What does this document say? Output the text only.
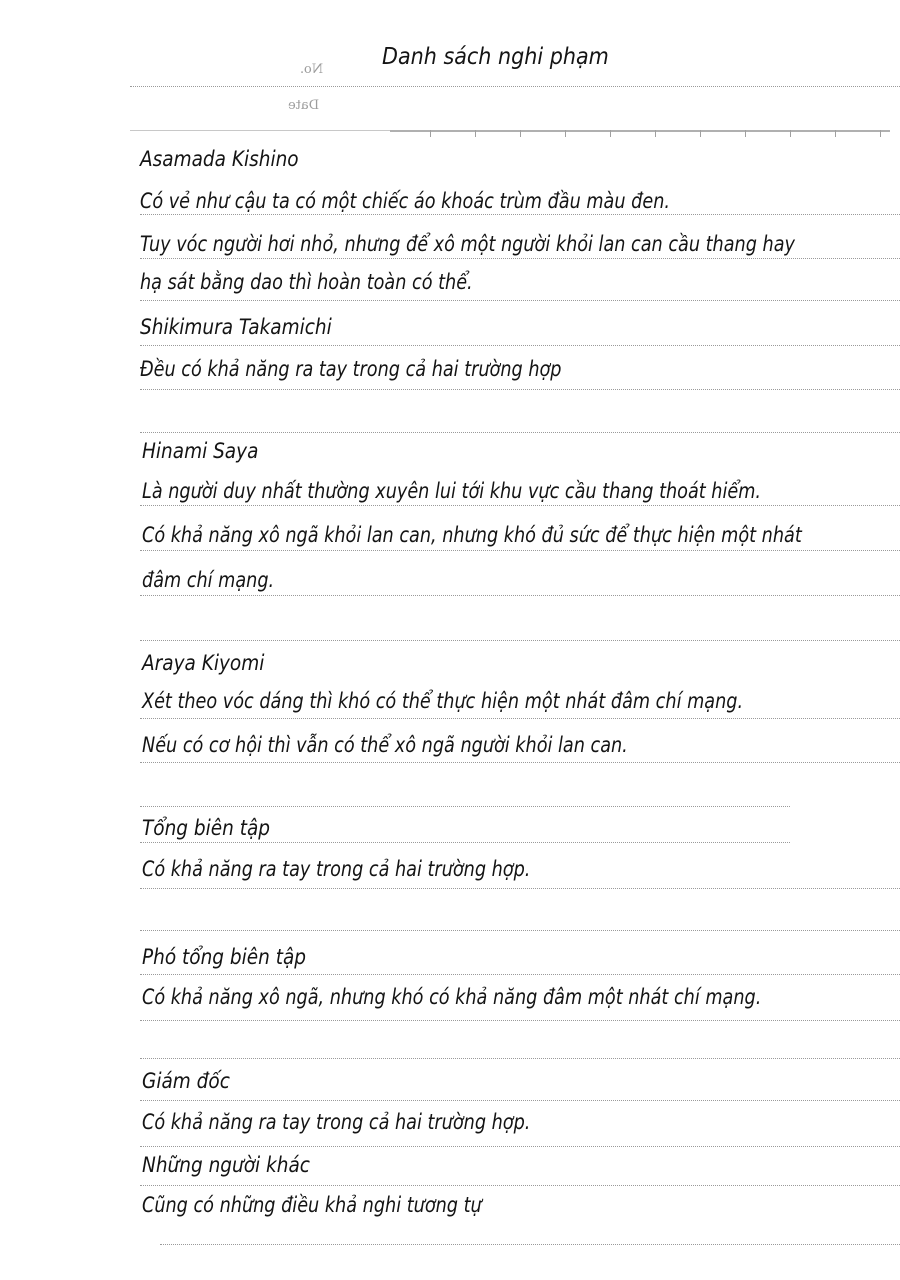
No.
Date
Danh sách nghi phạm
Asamada Kishino
Có vẻ như cậu ta có một chiếc áo khoác trùm đầu màu đen.
Tuy vóc người hơi nhỏ, nhưng để xô một người khỏi lan can cầu thang hay
hạ sát bằng dao thì hoàn toàn có thể.
Shikimura Takamichi
Đều có khả năng ra tay trong cả hai trường hợp
Hinami Saya
Là người duy nhất thường xuyên lui tới khu vực cầu thang thoát hiểm.
Có khả năng xô ngã khỏi lan can, nhưng khó đủ sức để thực hiện một nhát
đâm chí mạng.
Araya Kiyomi
Xét theo vóc dáng thì khó có thể thực hiện một nhát đâm chí mạng.
Nếu có cơ hội thì vẫn có thể xô ngã người khỏi lan can.
Tổng biên tập
Có khả năng ra tay trong cả hai trường hợp.
Phó tổng biên tập
Có khả năng xô ngã, nhưng khó có khả năng đâm một nhát chí mạng.
Giám đốc
Có khả năng ra tay trong cả hai trường hợp.
Những người khác
Cũng có những điều khả nghi tương tự
